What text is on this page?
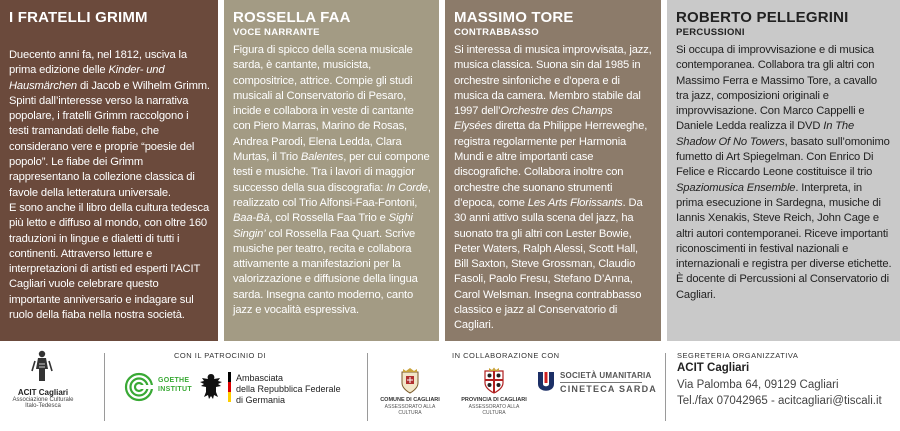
I FRATELLI GRIMM

Duecento anni fa, nel 1812, usciva la prima edizione delle Kinder- und Hausmärchen di Jacob e Wilhelm Grimm. Spinti dall’interesse verso la narrativa popolare, i fratelli Grimm raccolgono i testi tramandati delle fiabe, che considerano vere e proprie “poesie del popolo”. Le fiabe dei Grimm rappresentano la collezione classica di favole della letteratura universale.

E sono anche il libro della cultura tedesca più letto e diffuso al mondo, con oltre 160 traduzioni in lingue e dialetti di tutti i continenti. Attraverso letture e interpretazioni di artisti ed esperti l’ACIT Cagliari vuole celebrare questo importante anniversario e indagare sul ruolo della fiaba nella nostra società.

ROSSELLA FAA
VOCE NARRANTE

Figura di spicco della scena musicale sarda, è cantante, musicista, compositrice, attrice. Compie gli studi musicali al Conservatorio di Pesaro, incide e collabora in veste di cantante con Piero Marras, Marino de Rosas, Andrea Parodi, Elena Ledda, Clara Murtas, il Trio Balentes, per cui compone testi e musiche. Tra i lavori di maggior successo della sua discografia: In Corde, realizzato col Trio Alfonsi-Faa-Fontoni, Baa-Bà, col Rossella Faa Trio e Sighi Singin’ col Rossella Faa Quart. Scrive musiche per teatro, recita e collabora attivamente a manifestazioni per la valorizzazione e diffusione della lingua sarda. Insegna canto moderno, canto jazz e vocalità espressiva.

MASSIMO TORE
CONTRABBASSO

Si interessa di musica improvvisata, jazz, musica classica. Suona sin dal 1985 in orchestre sinfoniche e d’opera e di musica da camera. Membro stabile dal 1997 dell’Orchestre des Champs Elysées diretta da Philippe Herreweghe, registra regolarmente per Harmonia Mundi e altre importanti case discografiche. Collabora inoltre con orchestre che suonano strumenti d’epoca, come Les Arts Florissants. Da 30 anni attivo sulla scena del jazz, ha suonato tra gli altri con Lester Bowie, Peter Waters, Ralph Alessi, Scott Hall, Bill Saxton, Steve Grossman, Claudio Fasoli, Paolo Fresu, Stefano D’Anna, Carol Welsman. Insegna contrabbasso classico e jazz al Conservatorio di Cagliari.

ROBERTO PELLEGRINI
PERCUSSIONI

Si occupa di improvvisazione e di musica contemporanea. Collabora tra gli altri con Massimo Ferra e Massimo Tore, a cavallo tra jazz, composizioni originali e improvvisazione. Con Marco Cappelli e Daniele Ledda realizza il DVD In The Shadow Of No Towers, basato sull’omonimo fumetto di Art Spiegelman. Con Enrico Di Felice e Riccardo Leone costituisce il trio Spaziomusica Ensemble. Interpreta, in prima esecuzione in Sardegna, musiche di Iannis Xenakis, Steve Reich, John Cage e altri autori contemporanei. Riceve importanti riconoscimenti in festival nazionali e internazionali e registra per diverse etichette. È docente di Percussioni al Conservatorio di Cagliari.

ACIT Cagliari
Associazione Culturale
Italo-Tedesca
CON IL PATROCINIO DI
GOETHE
INSTITUT
Ambasciata
della Repubblica Federale
di Germania
IN COLLABORAZIONE CON
COMUNE DI CAGLIARI
ASSESSORATO ALLA CULTURA
PROVINCIA DI CAGLIARI
ASSESSORATO ALLA CULTURA
SOCIETÀ UMANITARIA
CINETECA SARDA
SEGRETERIA ORGANIZZATIVA
ACIT Cagliari
Via Palomba 64, 09129 Cagliari
Tel./fax 07042965 - acitcagliari@tiscali.it
